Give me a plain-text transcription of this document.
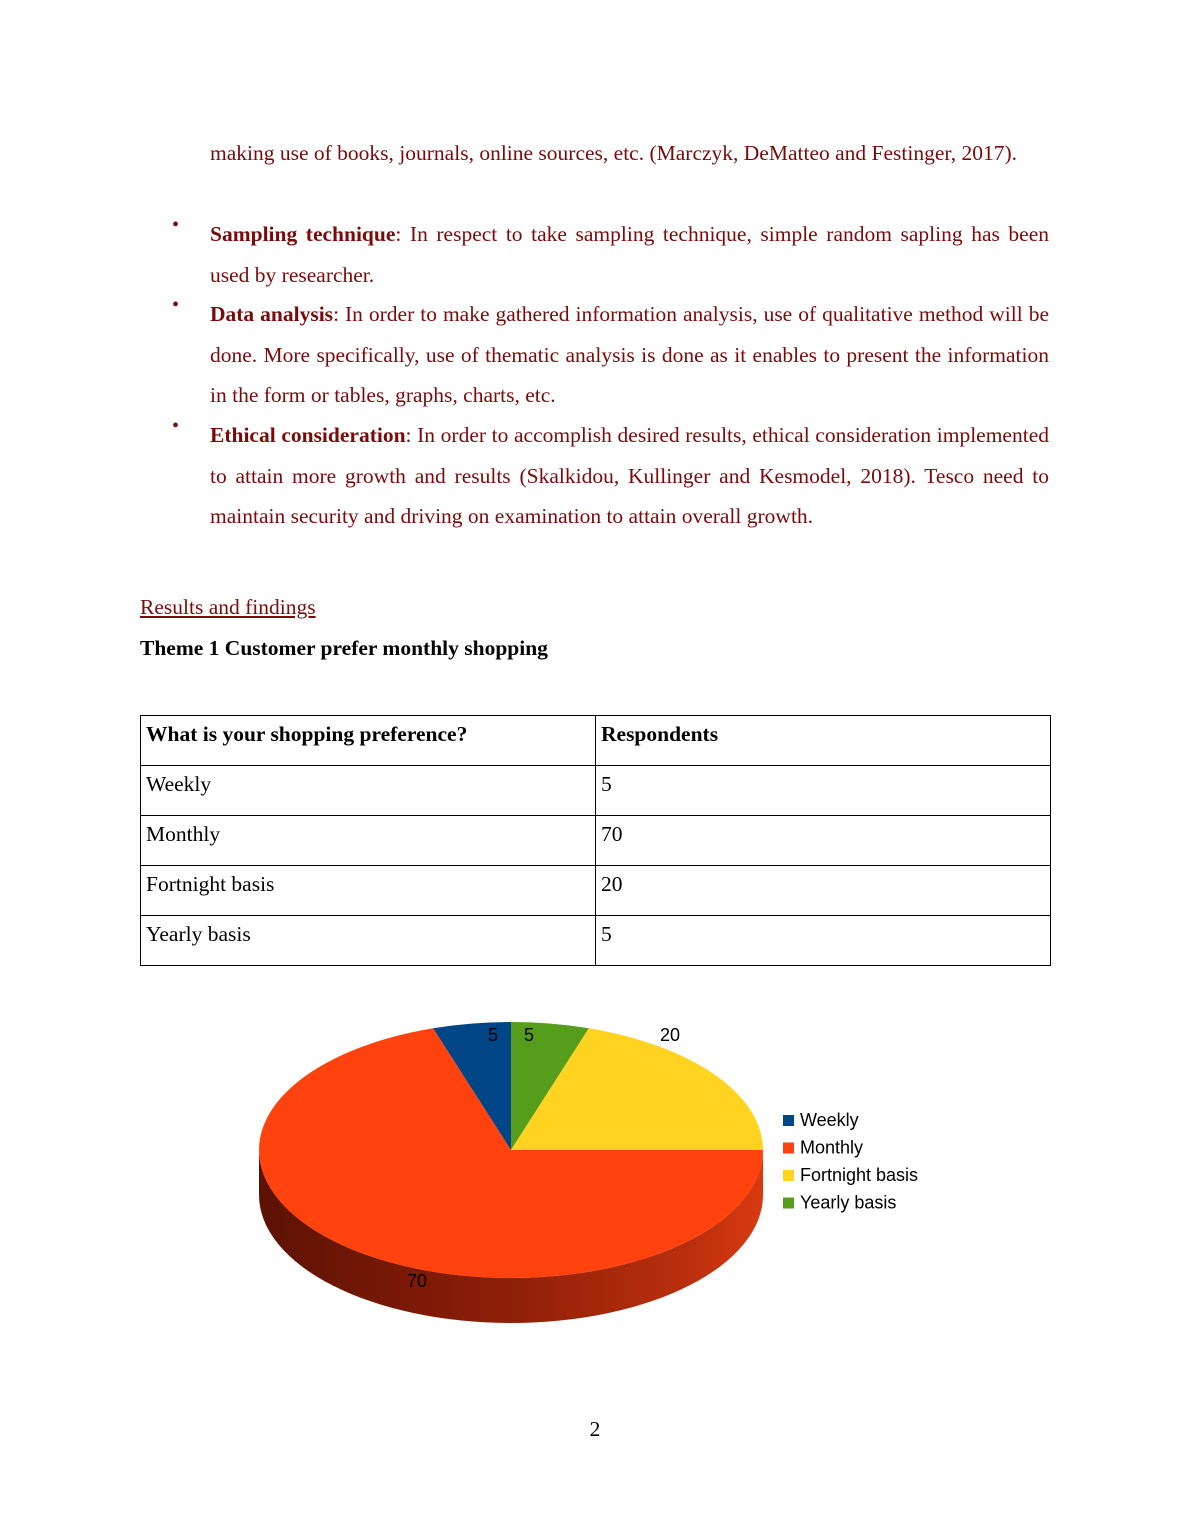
making use of books, journals, online sources, etc. (Marczyk, DeMatteo and Festinger, 2017).

•	Sampling technique: In respect to take sampling technique, simple random sapling has been used by researcher.

•	Data analysis: In order to make gathered information analysis, use of qualitative method will be done. More specifically, use of thematic analysis is done as it enables to present the information in the form or tables, graphs, charts, etc.

•	Ethical consideration: In order to accomplish desired results, ethical consideration implemented to attain more growth and results (Skalkidou, Kullinger and Kesmodel, 2018). Tesco need to maintain security and driving on examination to attain overall growth.

Results and findings
Theme 1 Customer prefer monthly shopping
What is your shopping preference?	Respondents
Weekly	5
Monthly	70
Fortnight basis	20
Yearly basis	5
5
70
20
5
Weekly
Monthly
Fortnight basis
Yearly basis
2
